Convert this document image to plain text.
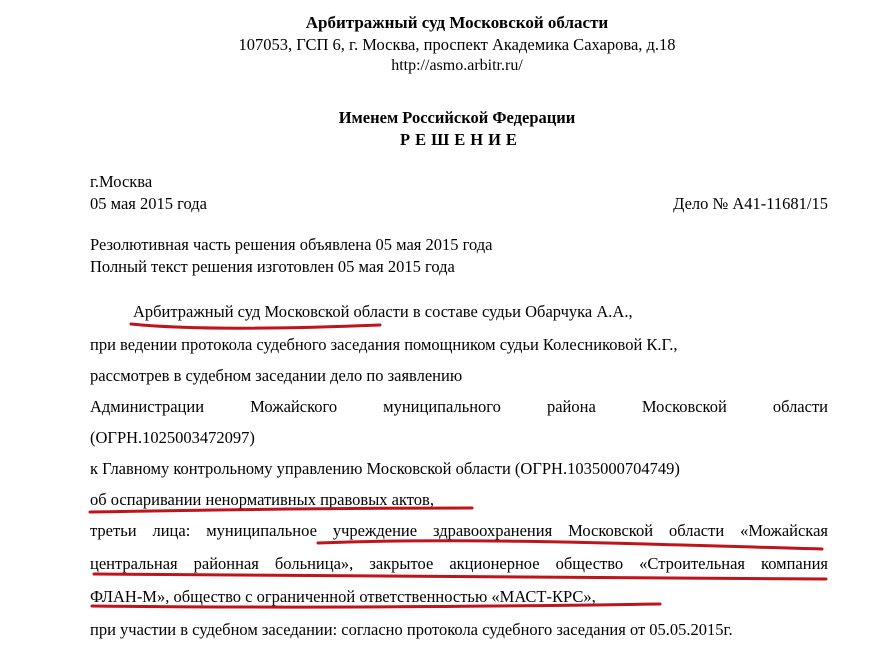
Арбитражный суд Московской области
107053, ГСП 6, г. Москва, проспект Академика Сахарова, д.18
http://asmo.arbitr.ru/
Именем Российской Федерации
РЕШЕНИЕ
г.Москва
05 мая 2015 года	Дело № А41-11681/15
Резолютивная часть решения объявлена 05 мая 2015 года
Полный текст решения изготовлен 05 мая 2015 года
Арбитражный суд Московской области в составе судьи Обарчука А.А.,
при ведении протокола судебного заседания помощником судьи Колесниковой К.Г.,
рассмотрев в судебном заседании дело по заявлению
Администрации Можайского муниципального района Московской области
(ОГРН.1025003472097)
к Главному контрольному управлению Московской области (ОГРН.1035000704749)
об оспаривании ненормативных правовых актов,
третьи лица: муниципальное учреждение здравоохранения Московской области «Можайская
центральная районная больница», закрытое акционерное общество «Строительная компания
ФЛАН-М», общество с ограниченной ответственностью «МАСТ-КРС»,
при участии в судебном заседании: согласно протокола судебного заседания от 05.05.2015г.
